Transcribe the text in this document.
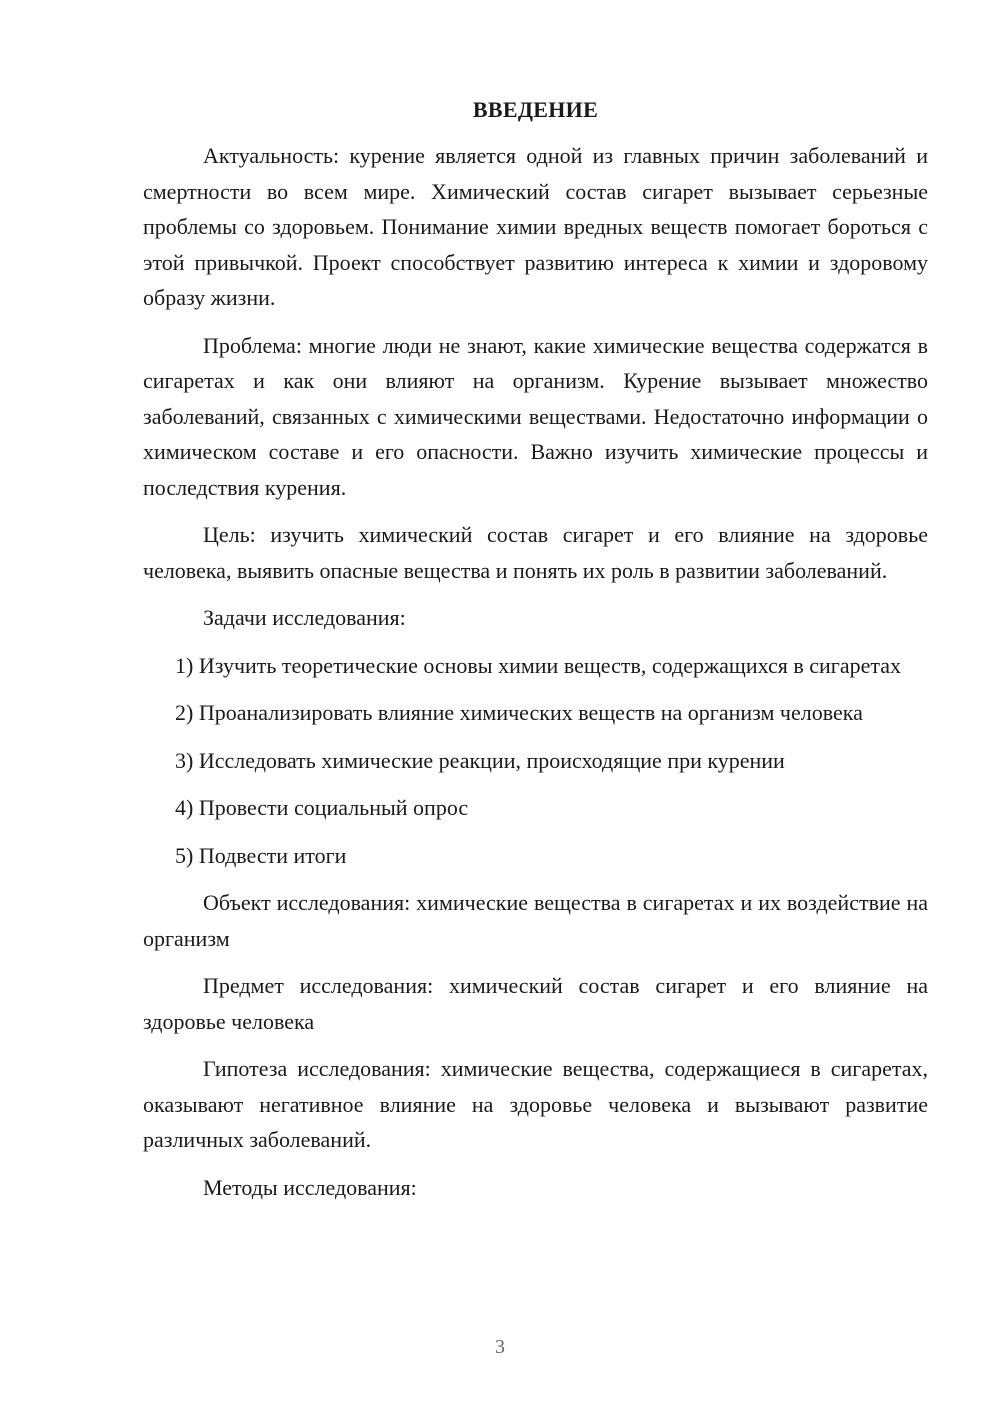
ВВЕДЕНИЕ

Актуальность: курение является одной из главных причин заболеваний и смертности во всем мире. Химический состав сигарет вызывает серьезные проблемы со здоровьем. Понимание химии вредных веществ помогает бороться с этой привычкой. Проект способствует развитию интереса к химии и здоровому образу жизни.

Проблема: многие люди не знают, какие химические вещества содержатся в сигаретах и как они влияют на организм. Курение вызывает множество заболеваний, связанных с химическими веществами. Недостаточно информации о химическом составе и его опасности. Важно изучить химические процессы и последствия курения.

Цель: изучить химический состав сигарет и его влияние на здоровье человека, выявить опасные вещества и понять их роль в развитии заболеваний.

Задачи исследования:

1) Изучить теоретические основы химии веществ, содержащихся в сигаретах

2) Проанализировать влияние химических веществ на организм человека

3) Исследовать химические реакции, происходящие при курении

4) Провести социальный опрос

5) Подвести итоги

Объект исследования: химические вещества в сигаретах и их воздействие на организм

Предмет исследования: химический состав сигарет и его влияние на здоровье человека

Гипотеза исследования: химические вещества, содержащиеся в сигаретах, оказывают негативное влияние на здоровье человека и вызывают развитие различных заболеваний.

Методы исследования:

3
